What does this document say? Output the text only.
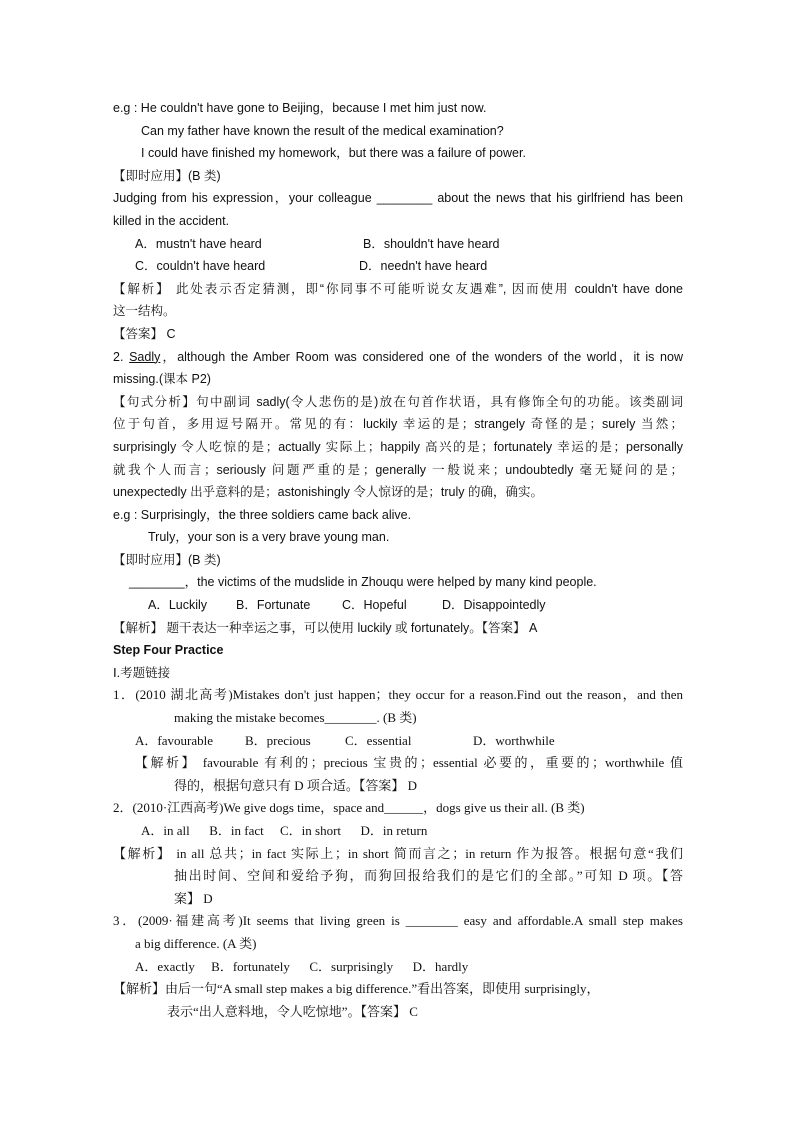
e.g : He couldn't have gone to Beijing，because I met him just now.
Can my father have known the result of the medical examination?
I could have finished my homework，but there was a failure of power.
【即时应用】(B 类)
Judging from his expression，your colleague ________ about the news that his girlfriend has been
killed in the accident.
A．mustn't have heard	B．shouldn't have heard
C．couldn't have heard	D．needn't have heard
【解析】 此处表示否定猜测，即“你同事不可能听说女友遇难”, 因而使用 couldn't have done
这一结构。
【答案】 C
2. Sadly，although the Amber Room was considered one of the wonders of the world，it is now
missing.(课本 P2)
【句式分析】句中副词 sadly(令人悲伤的是)放在句首作状语，具有修饰全句的功能。该类副词
位于句首，多用逗号隔开。常见的有：luckily 幸运的是；strangely 奇怪的是；surely 当然；
surprisingly 令人吃惊的是；actually 实际上；happily 高兴的是；fortunately 幸运的是；personally
就我个人而言；seriously 问题严重的是；generally 一般说来；undoubtedly 毫无疑问的是；
unexpectedly 出乎意料的是；astonishingly 令人惊讶的是；truly 的确，确实。
e.g : Surprisingly，the three soldiers came back alive.
Truly，your son is a very brave young man.
【即时应用】(B 类)
________，the victims of the mudslide in Zhouqu were helped by many kind people.
A．Luckily	B．Fortunate	C．Hopeful	D．Disappointedly
【解析】 题干表达一种幸运之事，可以使用 luckily 或 fortunately。【答案】 A
Step Four Practice
Ⅰ.考题链接
1．(2010 湖北高考)Mistakes don't just happen；they occur for a reason.Find out the reason，and then
making the mistake becomes________. (B 类)
A．favourable	B．precious	C．essential	D．worthwhile
【解析】 favourable 有利的；precious 宝贵的；essential 必要的，重要的；worthwhile 值
得的，根据句意只有 D 项合适。【答案】 D
2．(2010·江西高考)We give dogs time，space and______，dogs give us their all. (B 类)
A．in all      B．in fact     C．in short      D．in return
【解析】 in all 总共；in fact 实际上；in short 简而言之；in return 作为报答。根据句意“我们
抽出时间、空间和爱给予狗，而狗回报给我们的是它们的全部。”可知 D 项。【答
案】 D
3．(2009·福建高考)It seems that living green is ________ easy and affordable.A small step makes
a big difference. (A 类)
A．exactly     B．fortunately      C．surprisingly      D．hardly
【解析】由后一句“A small step makes a big difference.”看出答案，即使用 surprisingly，
表示“出人意料地，令人吃惊地”。【答案】 C
